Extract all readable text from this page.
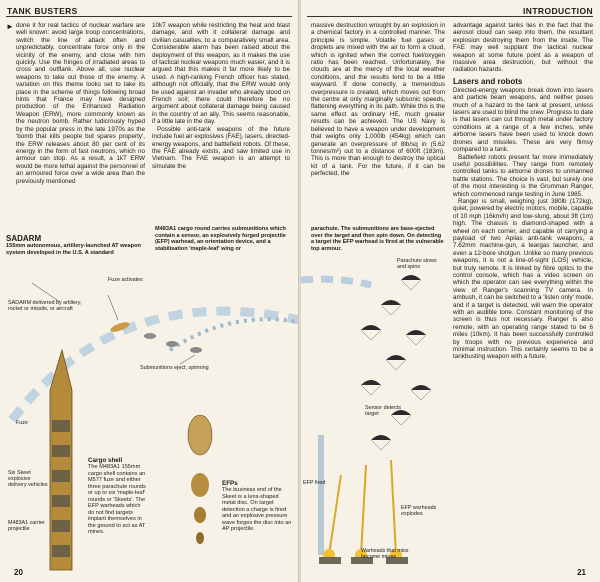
►
TANK BUSTERS

done it for real tactics of nuclear warfare are well known: avoid large troop concentrations, switch the line of attack often and unpredictably, concentrate force only in the vicinity of the enemy, and close with him quickly. Use the fringes of irradiated areas to cross and outflank. Above all, use nuclear weapons to take out those of the enemy. A variation on this theme looks set to take its place in the scheme of things following broad hints that France may have designed production of the Enhanced Radiation Weapon (ERW), more commonly known as the neutron bomb. Rather ludicrously hyped by the popular press in the late 1970s as the 'bomb that kills people but spares property', the ERW releases about 80 per cent of its energy in the form of fast neutrons, which no armour can stop. As a result, a 1kT ERW would be more lethal against the personnel of an armoured force over a wide area than the previously mentioned

10kT weapon while restricting the heat and blast damage, and with it collateral damage and civilian casualties, to a comparatively small area. Considerable alarm has been raised about the deployment of this weapon, as it makes the use of tactical nuclear weapons much easier, and it is argued that this makes it far more likely to be used. A high-ranking French officer has stated, although not officially, that the ERW would only be used against an invader who already stood on French soil; there could therefore be no argument about collateral damage being caused in the country of an ally. This seems reasonable, if a little late in the day.

Possible anti-tank weapons of the future include fuel air explosives (FAE), lasers, directed-energy weapons, and battlefield robots. Of these, the FAE already exists, and saw limited use in Vietnam. The FAE weapon is an attempt to simulate the

SADARM
155mm autonomous, artillery-launched AT weapon system developed in the U.S. A standard
M483A1 cargo round carries submunitions which contain a sensor, an explosively forged projectile (EFP) warhead, an orientation device, and a stabilisation 'maple-leaf' wing or
Fuze activates
SADARM delivered by artillery, rocket or missile, or aircraft
Submunitions eject, spinning
Fuze
Six Skeet explosive delivery vehicles
M483A1 carrier projectile
Cargo shell
The M483A1 155mm cargo shell contains an M577 fuze and either three parachute rounds or up to six 'maple-leaf' rounds or 'Skeets'. The EFP warheads which do not find targets implant themselves in the ground to act as AT mines.
EFPs
The business end of the Skeet is a lens-shaped metal disc. On target detection a charge is fired and an explosive pressure wave forges the disc into an AP projectile.
20
INTRODUCTION

massive destruction wrought by an explosion in a chemical factory in a controlled manner. The principle is simple. Volatile fuel gases or droplets are mixed with the air to form a cloud, which is ignited when the correct fuel/oxygen ratio has been reached. Unfortunately, the clouds are at the mercy of the local weather conditions, and the results tend to be a little wayward. If done correctly, a tremendous overpressure is created, which moves out from the centre at only marginally subsonic speeds, flattening everything in its path. While this is the same effect as ordinary HE, much greater results can be achieved. The US Navy is believed to have a weapon under development that weighs only 1,000lb (454kg) which can generate an overpressure of 8lb/sq in (5.62 tonnes/m²) out to a distance of 600ft (183m). This is more than enough to destroy the optical kit of a tank. For the future, if it can be perfected, the

advantage against tanks lies in the fact that the aerosol cloud can seep into them, the resultant explosion destroying them from the inside. The FAE may well supplant the tactical nuclear weapon at some future point as a weapon of massive area destruction, but without the radiation hazards.

Lasers and robots

Directed-energy weapons break down into lasers and particle beam weapons, and neither poses much of a hazard to the tank at present, unless lasers are used to blind the crew. Progress to date is that lasers can cut through metal under factory conditions at a range of a few inches, while airborne lasers have been used to knock down drones and missiles. These are very flimsy compared to a tank.

Battlefield robots present far more immediately useful possibilities. They range from remotely controlled tanks to airborne drones to unmanned battle stations. The choice is vast, but surely one of the most interesting is the Grumman Ranger, which commenced range testing in June 1985.

Ranger is small, weighing just 380lb (172kg), quiet, powered by electric motors, mobile, capable of 10 mph (16km/h) and low-slung, about 3ft (1m) high. The chassis is diamond-shaped with a wheel on each corner, and capable of carrying a payload of two Apilas anti-tank weapons, a 7.62mm machine-gun, a teargas launcher, and even a 12-bore shotgun. Unlike so many previous weapons, it is not a line-of-sight (LOS) vehicle, but truly remote. It is linked by fibre optics to the control console, which has a video screen on which the operator can see everything within the view of Ranger's scanning TV camera. In ambush, it can be switched to a 'listen only' mode, and if a target is detected, will warn the operator with an audible tone. Constant monitoring of the screen is thus not necessary. Ranger is also remote, with an operating range stated to be 6 miles (10km). It has been successfully controlled by troops with no previous experience and minimal instruction. This certainly seems to be a tankbusting weapon with a future.

parachute. The submunitions are base-ejected over the target and then spin down. On detecting a target the EFP warhead is fired at the vulnerable top armour.
Parachute slows and spins
Sensor detects target
EFP fired
EFP warheads explodes
Warheads that miss become mines
21
